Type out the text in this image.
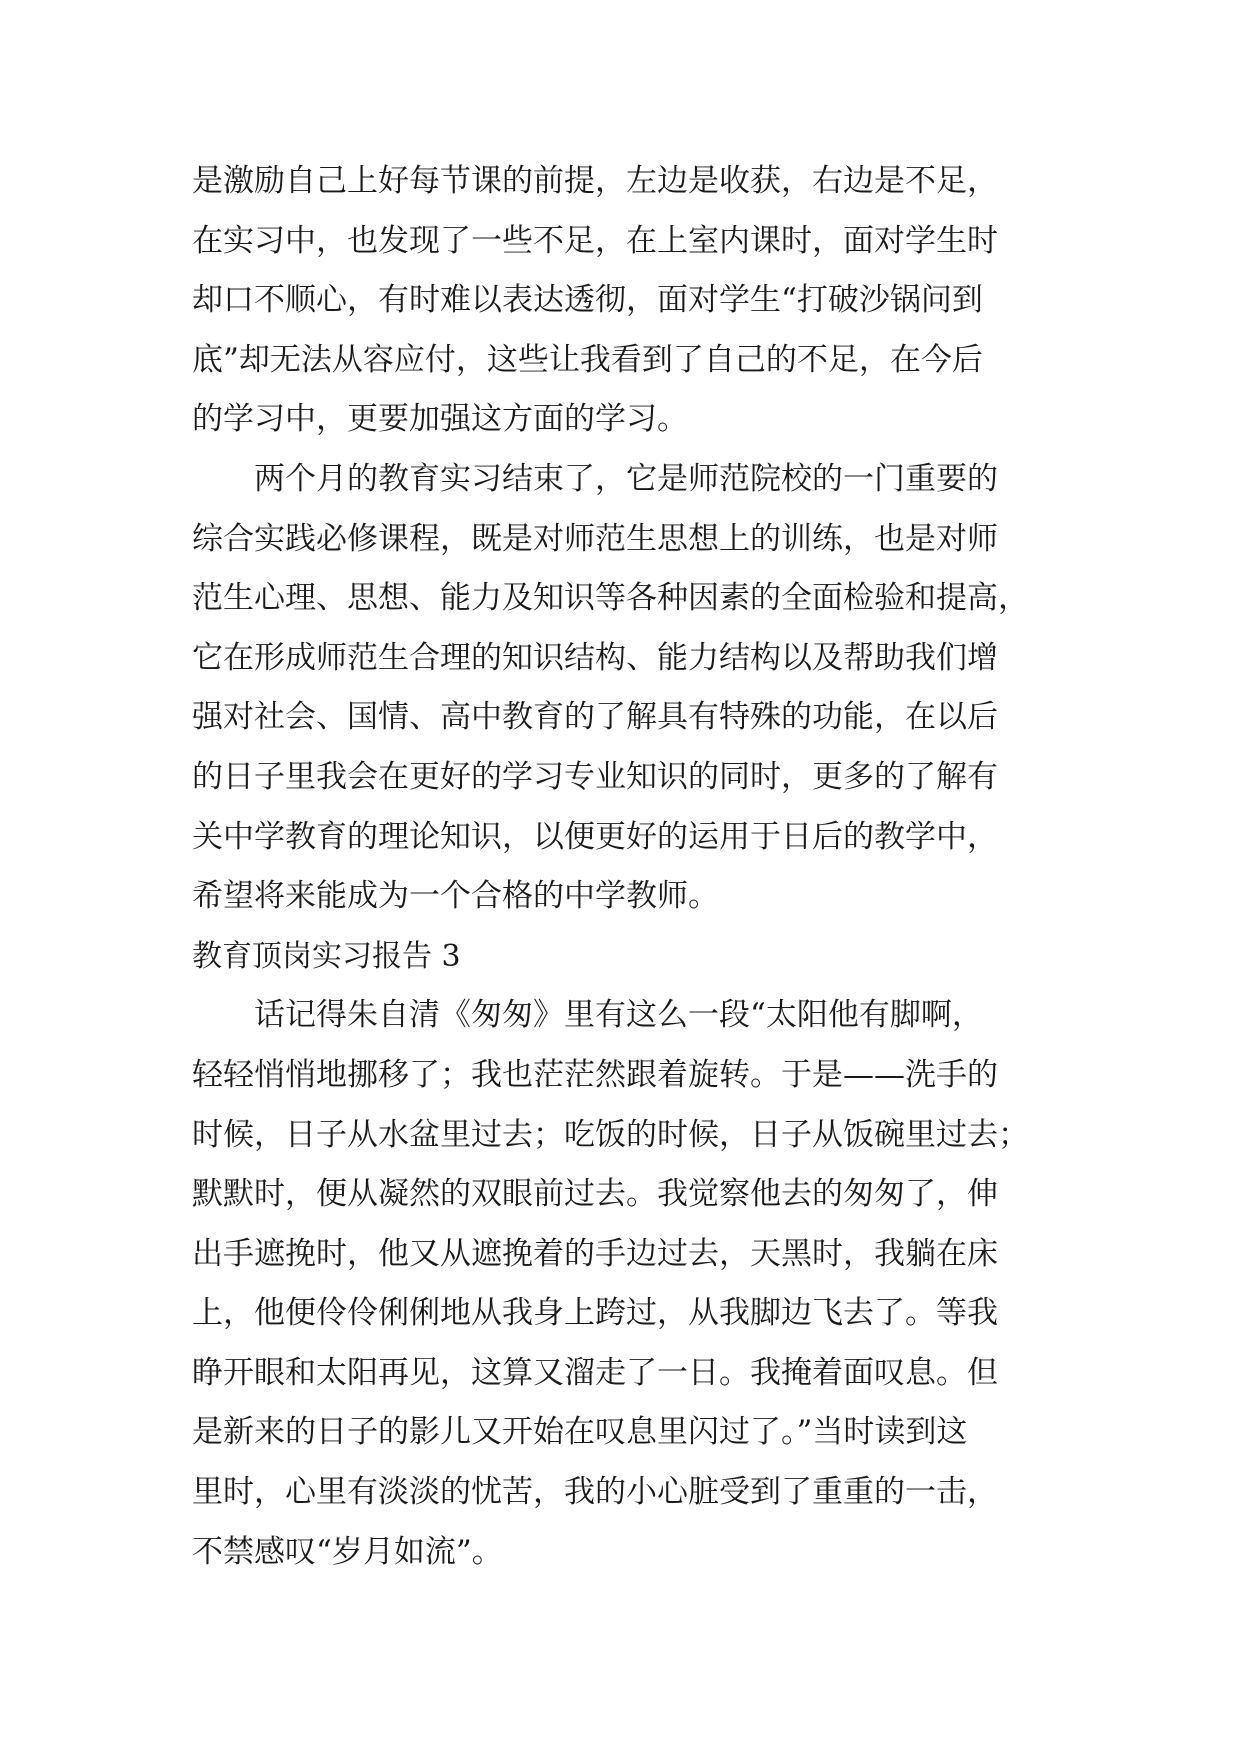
是激励自己上好每节课的前提，左边是收获，右边是不足，
在实习中，也发现了一些不足，在上室内课时，面对学生时
却口不顺心，有时难以表达透彻，面对学生“打破沙锅问到
底”却无法从容应付，这些让我看到了自己的不足，在今后
的学习中，更要加强这方面的学习。
　　两个月的教育实习结束了，它是师范院校的一门重要的
综合实践必修课程，既是对师范生思想上的训练，也是对师
范生心理、思想、能力及知识等各种因素的全面检验和提高，
它在形成师范生合理的知识结构、能力结构以及帮助我们增
强对社会、国情、高中教育的了解具有特殊的功能，在以后
的日子里我会在更好的学习专业知识的同时，更多的了解有
关中学教育的理论知识，以便更好的运用于日后的教学中，
希望将来能成为一个合格的中学教师。
教育顶岗实习报告 3
　　话记得朱自清《匆匆》里有这么一段“太阳他有脚啊，
轻轻悄悄地挪移了；我也茫茫然跟着旋转。于是——洗手的
时候，日子从水盆里过去；吃饭的时候，日子从饭碗里过去；
默默时，便从凝然的双眼前过去。我觉察他去的匆匆了，伸
出手遮挽时，他又从遮挽着的手边过去，天黑时，我躺在床
上，他便伶伶俐俐地从我身上跨过，从我脚边飞去了。等我
睁开眼和太阳再见，这算又溜走了一日。我掩着面叹息。但
是新来的日子的影儿又开始在叹息里闪过了。”当时读到这
里时，心里有淡淡的忧苦，我的小心脏受到了重重的一击，
不禁感叹“岁月如流”。
